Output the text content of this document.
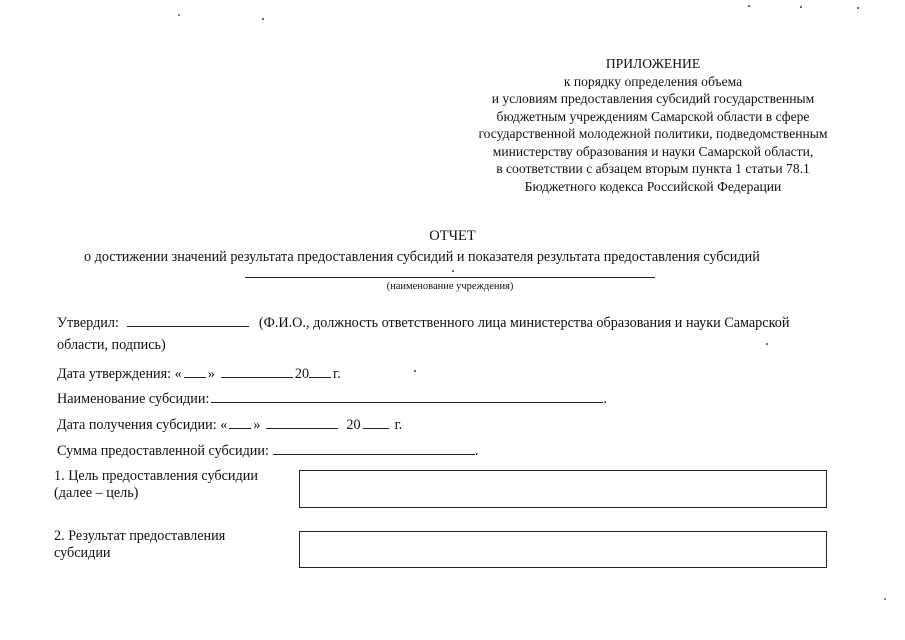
ПРИЛОЖЕНИЕ
к порядку определения объема
и условиям предоставления субсидий государственным
бюджетным учреждениям Самарской области в сфере
государственной молодежной политики, подведомственным
министерству образования и науки Самарской области,
в соответствии с абзацем вторым пункта 1 статьи 78.1
Бюджетного кодекса Российской Федерации
ОТЧЕТ
о достижении значений результата предоставления субсидий и показателя результата предоставления субсидий
(наименование учреждения)
Утвердил:	(Ф.И.О., должность ответственного лица министерства образования и науки Самарской
области, подпись)
Дата утверждения: « »	20 г.
Наименование субсидии:	.
Дата получения субсидии: « »	20 г.
Сумма предоставленной субсидии:	.
1. Цель предоставления субсидии
(далее – цель)
2. Результат предоставления
субсидии
